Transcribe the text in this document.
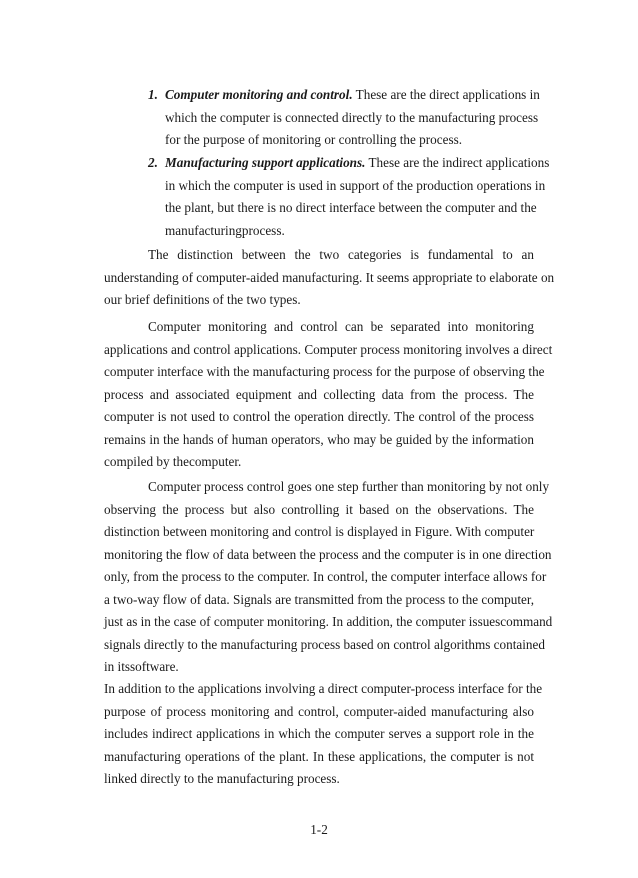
1. Computer monitoring and control. These are the direct applications in
which the computer is connected directly to the manufacturing process
for the purpose of monitoring or controlling the process.
2. Manufacturing support applications. These are the indirect applications
in which the computer is used in support of the production operations in
the plant, but there is no direct interface between the computer and the
manufacturingprocess.
The distinction between the two categories is fundamental to an
understanding of computer-aided manufacturing. It seems appropriate to elaborate on
our brief definitions of the two types.
Computer monitoring and control can be separated into monitoring
applications and control applications. Computer process monitoring involves a direct
computer interface with the manufacturing process for the purpose of observing the
process and associated equipment and collecting data from the process. The
computer is not used to control the operation directly. The control of the process
remains in the hands of human operators, who may be guided by the information
compiled by thecomputer.
Computer process control goes one step further than monitoring by not only
observing the process but also controlling it based on the observations. The
distinction between monitoring and control is displayed in Figure. With computer
monitoring the flow of data between the process and the computer is in one direction
only, from the process to the computer. In control, the computer interface allows for
a two-way flow of data. Signals are transmitted from the process to the computer,
just as in the case of computer monitoring. In addition, the computer issuescommand
signals directly to the manufacturing process based on control algorithms contained
in itssoftware.
In addition to the applications involving a direct computer-process interface for the
purpose of process monitoring and control, computer-aided manufacturing also
includes indirect applications in which the computer serves a support role in the
manufacturing operations of the plant. In these applications, the computer is not
linked directly to the manufacturing process.
1-2
